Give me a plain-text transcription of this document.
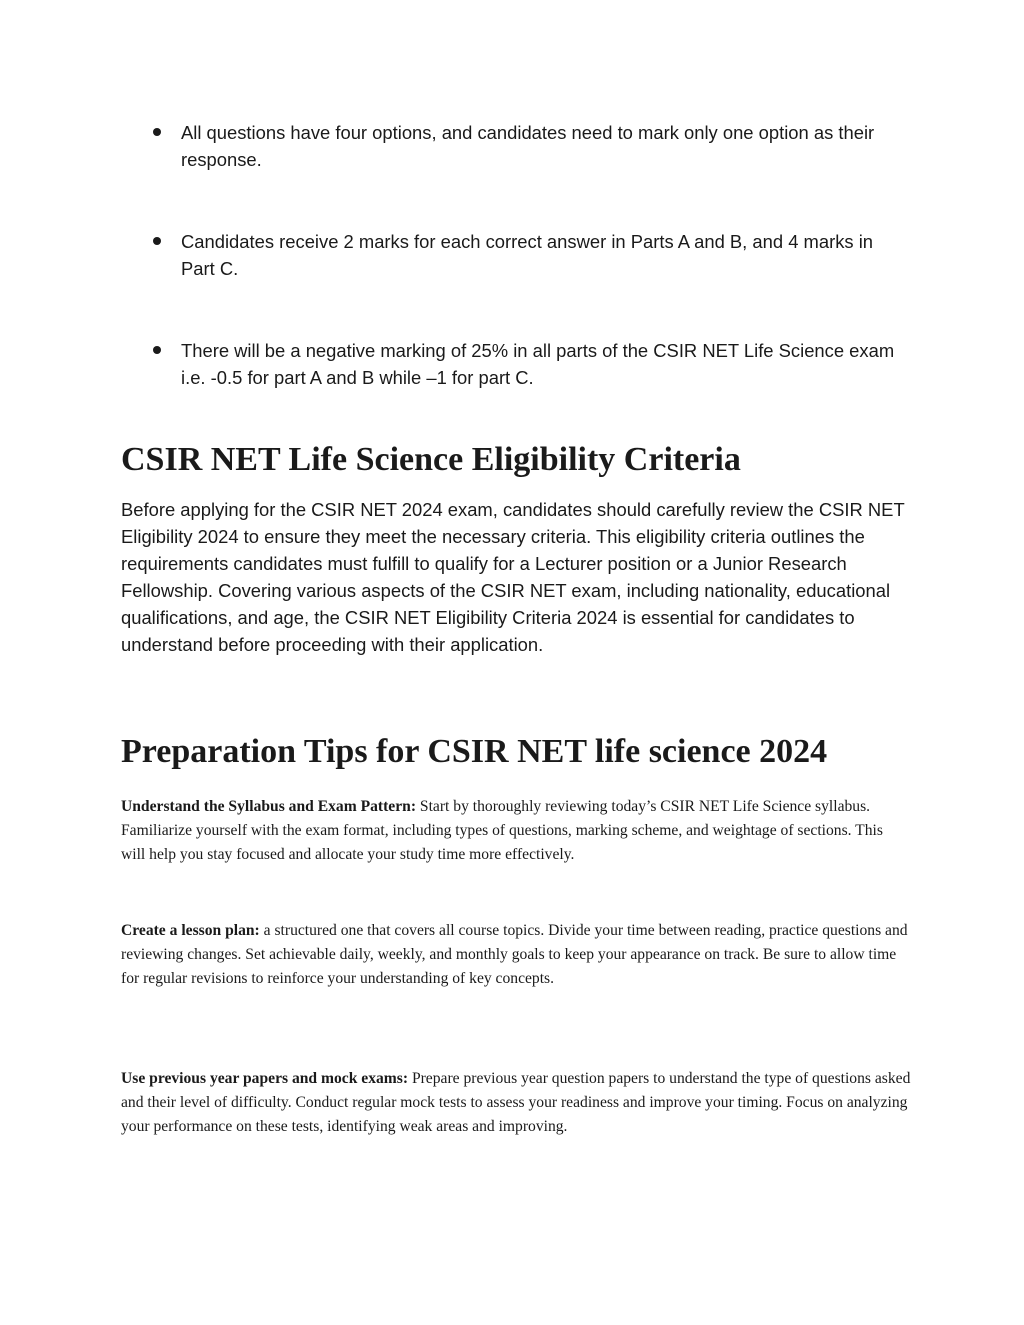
All questions have four options, and candidates need to mark only one option as their response.
Candidates receive 2 marks for each correct answer in Parts A and B, and 4 marks in Part C.
There will be a negative marking of 25% in all parts of the CSIR NET Life Science exam i.e. -0.5 for part A and B while –1 for part C.
CSIR NET Life Science Eligibility Criteria

Before applying for the CSIR NET 2024 exam, candidates should carefully review the CSIR NET Eligibility 2024 to ensure they meet the necessary criteria. This eligibility criteria outlines the requirements candidates must fulfill to qualify for a Lecturer position or a Junior Research Fellowship. Covering various aspects of the CSIR NET exam, including nationality, educational qualifications, and age, the CSIR NET Eligibility Criteria 2024 is essential for candidates to understand before proceeding with their application.

Preparation Tips for CSIR NET life science 2024

Understand the Syllabus and Exam Pattern: Start by thoroughly reviewing today’s CSIR NET Life Science syllabus. Familiarize yourself with the exam format, including types of questions, marking scheme, and weightage of sections. This will help you stay focused and allocate your study time more effectively.

Create a lesson plan: a structured one that covers all course topics. Divide your time between reading, practice questions and reviewing changes. Set achievable daily, weekly, and monthly goals to keep your appearance on track. Be sure to allow time for regular revisions to reinforce your understanding of key concepts.

Use previous year papers and mock exams: Prepare previous year question papers to understand the type of questions asked and their level of difficulty. Conduct regular mock tests to assess your readiness and improve your timing. Focus on analyzing your performance on these tests, identifying weak areas and improving.
